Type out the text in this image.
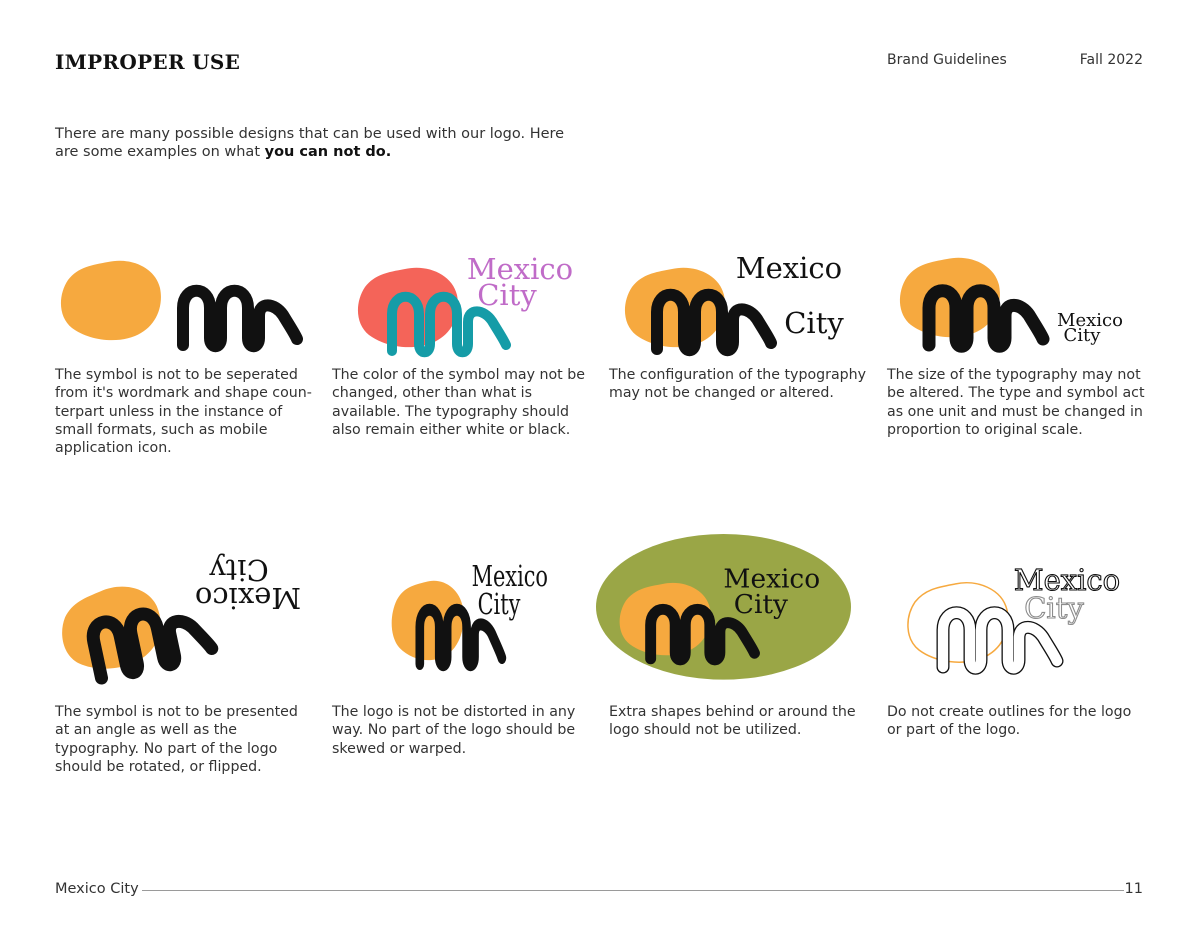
IMPROPER USE	Brand Guidelines	Fall 2022
There are many possible designs that can be used with our logo. Here are some examples on what you can not do.
The symbol is not to be seperated from it's wordmark and shape coun-terpart unless in the instance of small formats, such as mobile application icon.
Mexico
City
The color of the symbol may not be changed, other than what is available. The typography should also remain either white or black.
Mexico
City
The configuration of the typography may not be changed or altered.
Mexico
City
The size of the typography may not be altered. The type and symbol act as one unit and must be changed in proportion to original scale.
Mexico
City
The symbol is not to be presented at an angle as well as the typography. No part of the logo should be rotated, or flipped.
Mexico
City
The logo is not be distorted in any way. No part of the logo should be skewed or warped.
Mexico
City
Extra shapes behind or around the logo should not be utilized.
Mexico
City
Do not create outlines for the logo or part of the logo.
Mexico City	11
